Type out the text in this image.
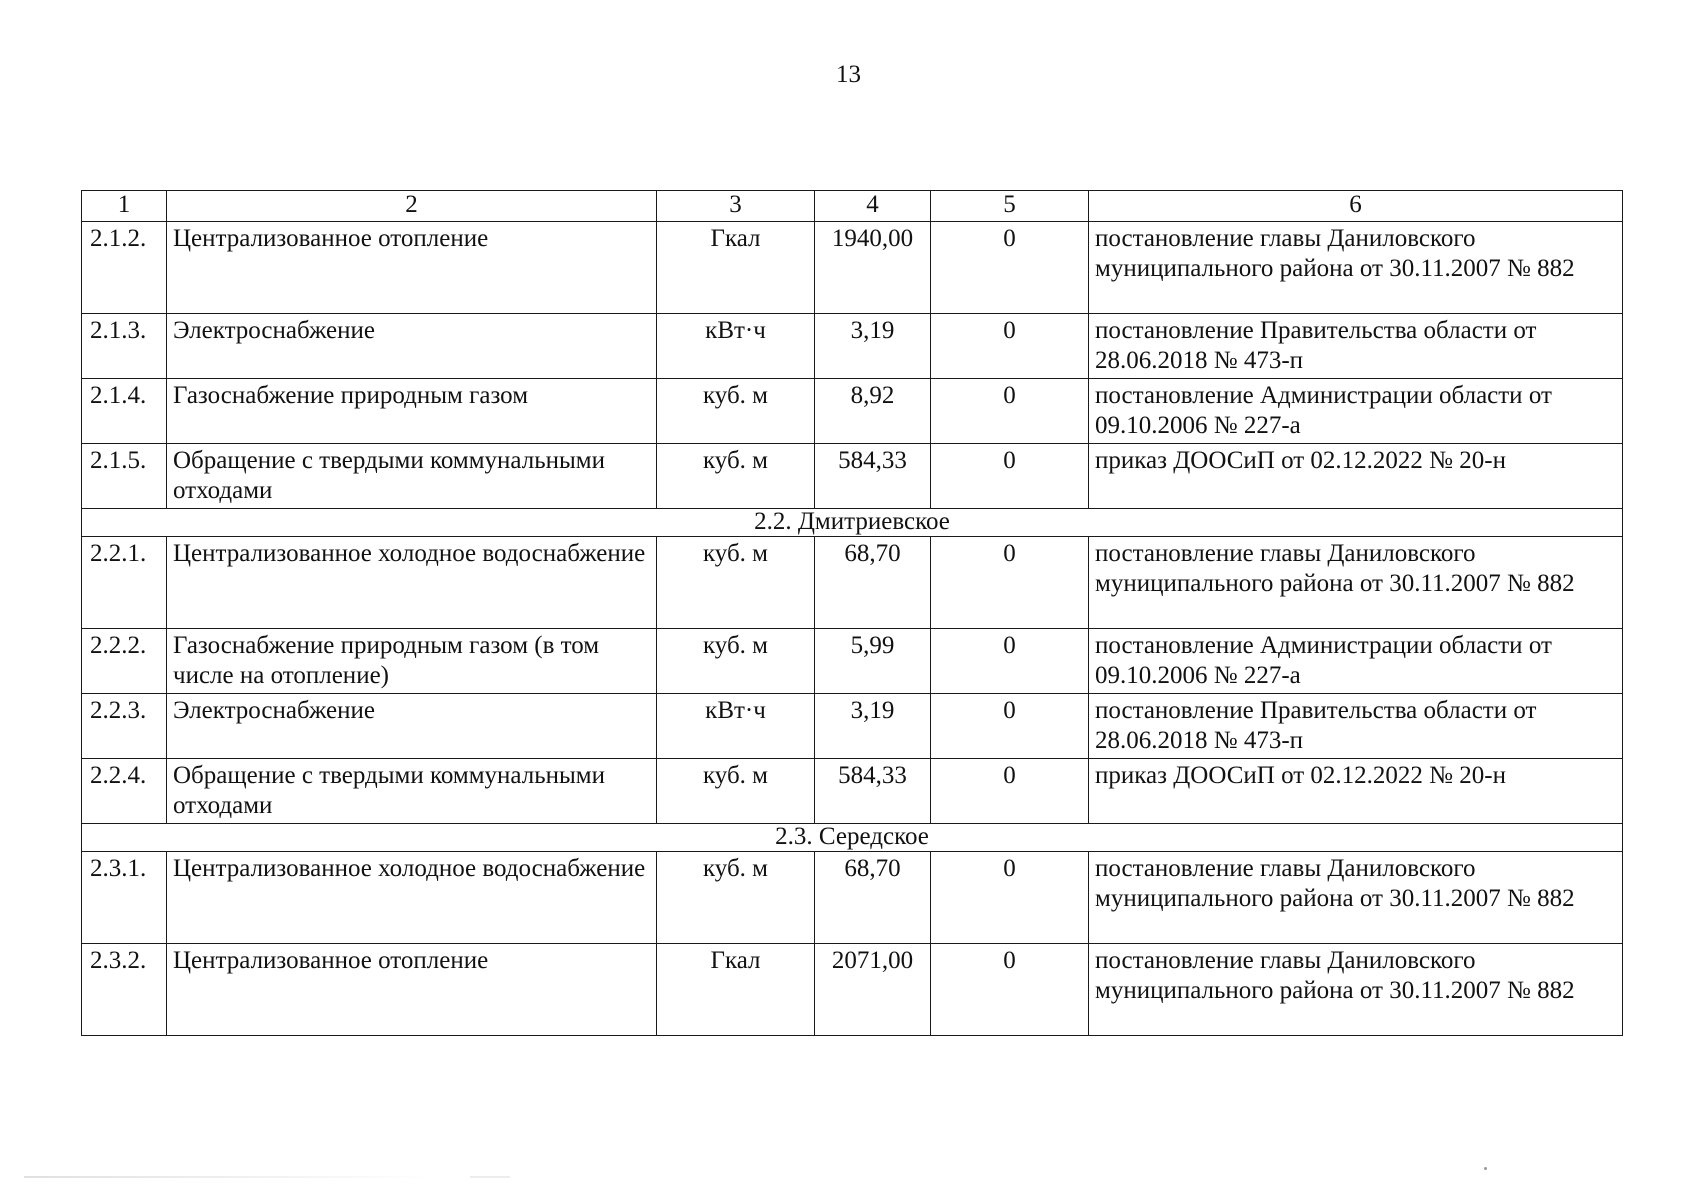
13
1	2	3	4	5	6
2.1.2.	Централизованное отопление	Гкал	1940,00	0	постановление главы Даниловского муниципального района от 30.11.2007 № 882
2.1.3.	Электроснабжение	кВт·ч	3,19	0	постановление Правительства области от 28.06.2018 № 473-п
2.1.4.	Газоснабжение природным газом	куб. м	8,92	0	постановление Администрации области от 09.10.2006 № 227-а
2.1.5.	Обращение с твердыми коммунальными отходами	куб. м	584,33	0	приказ ДООСиП от 02.12.2022 № 20-н
2.2. Дмитриевское					
2.2.1.	Централизованное холодное водоснабжение	куб. м	68,70	0	постановление главы Даниловского муниципального района от 30.11.2007 № 882
2.2.2.	Газоснабжение природным газом (в том числе на отопление)	куб. м	5,99	0	постановление Администрации области от 09.10.2006 № 227-а
2.2.3.	Электроснабжение	кВт·ч	3,19	0	постановление Правительства области от 28.06.2018 № 473-п
2.2.4.	Обращение с твердыми коммунальными отходами	куб. м	584,33	0	приказ ДООСиП от 02.12.2022 № 20-н
2.3. Середское					
2.3.1.	Централизованное холодное водоснабжение	куб. м	68,70	0	постановление главы Даниловского муниципального района от 30.11.2007 № 882
2.3.2.	Централизованное отопление	Гкал	2071,00	0	постановление главы Даниловского муниципального района от 30.11.2007 № 882
